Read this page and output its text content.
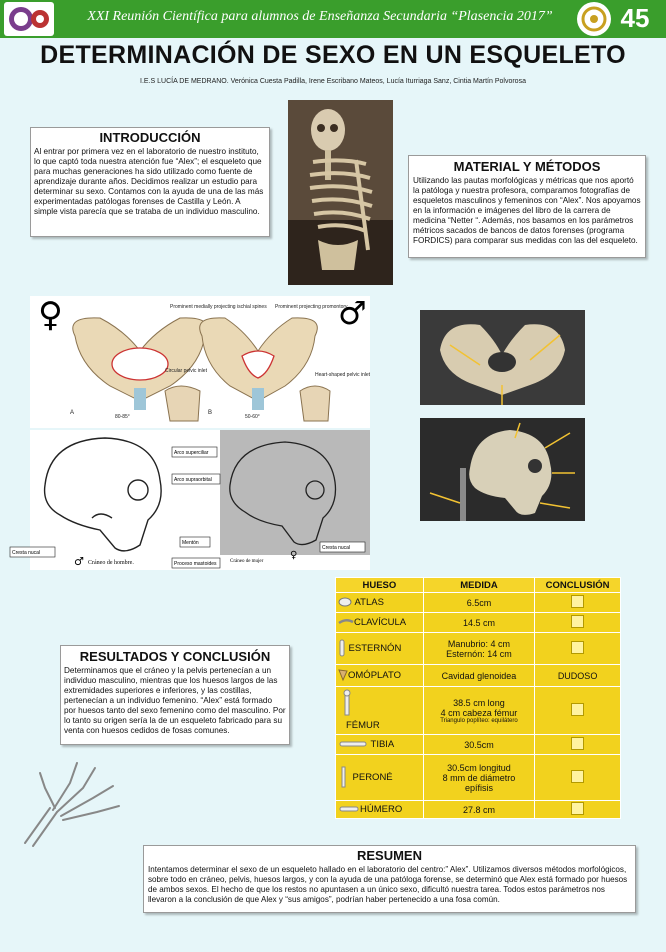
XXI Reunión Científica para alumnos de Enseñanza Secundaria “Plasencia 2017”	45
DETERMINACIÓN DE SEXO EN UN ESQUELETO
I.E.S LUCÍA DE MEDRANO. Verónica Cuesta Padilla, Irene Escribano Mateos, Lucía Iturriaga Sanz, Cintia Martín Polvorosa
INTRODUCCIÓN

Al entrar por primera vez en el laboratorio de nuestro instituto, lo que captó toda nuestra atención fue “Alex”; el esqueleto que para muchas generaciones ha sido utilizado como fuente de aprendizaje durante años. Decidimos realizar un estudio para determinar su sexo. Contamos con la ayuda de una de las más experimentadas patólogas forenses de Castilla y León. A simple vista parecía que se trataba de un individuo masculino.

MATERIAL Y MÉTODOS

Utilizando las pautas morfológicas y métricas que nos aportó la patóloga y nuestra profesora, comparamos fotografías de esqueletos masculinos y femeninos con “Alex”. Nos apoyamos en la información e imágenes del libro de la carrera de medicina “Netter “. Además, nos basamos en los parámetros métricos sacados de bancos de datos forenses (programa FORDICS) para comparar sus medidas con las del esqueleto.

♀	♂
Prominent medially projecting ischial spines Prominent projecting promontory
Circular pelvic inlet
Heart-shaped pelvic inlet
80-85°	50-60°
A	B
Arco superciliar
Arco supraorbital
Mentón
Cresta nucal
Proceso mastoides
Cresta nucal
♂ Cráneo de hombre.
♀
Cráneo de mujer
HUESO	MEDIDA	CONCLUSIÓN
ATLAS	6.5cm	
CLAVÍCULA	14.5 cm	
ESTERNÓN	Manubrio: 4 cm
Esternón: 14 cm	
OMÓPLATO	Cavidad glenoidea	DUDOSO

FÉMUR	38.5 cm long
4 cm cabeza fémur
Triangulo poplíteo: equilátero	

TIBIA	30.5cm	
PERONÉ	30.5cm longitud
8 mm de diámetro
epífisis	
HÚMERO	27.8 cm	
RESULTADOS Y CONCLUSIÓN

Determinamos que el cráneo y la pelvis pertenecían a un individuo masculino, mientras que los huesos largos de las extremidades superiores e inferiores, y las costillas, pertenecían a un individuo femenino. “Alex” está formado por huesos tanto del sexo femenino como del masculino. Por lo tanto su origen sería la de un esqueleto fabricado para su venta con huesos cedidos de fosas comunes.

RESUMEN

Intentamos determinar el sexo de un esqueleto hallado en el laboratorio del centro:” Alex”. Utilizamos diversos métodos morfológicos, sobre todo en cráneo, pelvis, huesos largos, y con la ayuda de una patóloga forense, se determinó que Alex está formado por huesos de ambos sexos. El hecho de que los restos no apuntasen a un único sexo, dificultó nuestra tarea. Todos estos parámetros nos llevaron a la conclusión de que Alex y “sus amigos”, podrían haber pertenecido a una fosa común.
